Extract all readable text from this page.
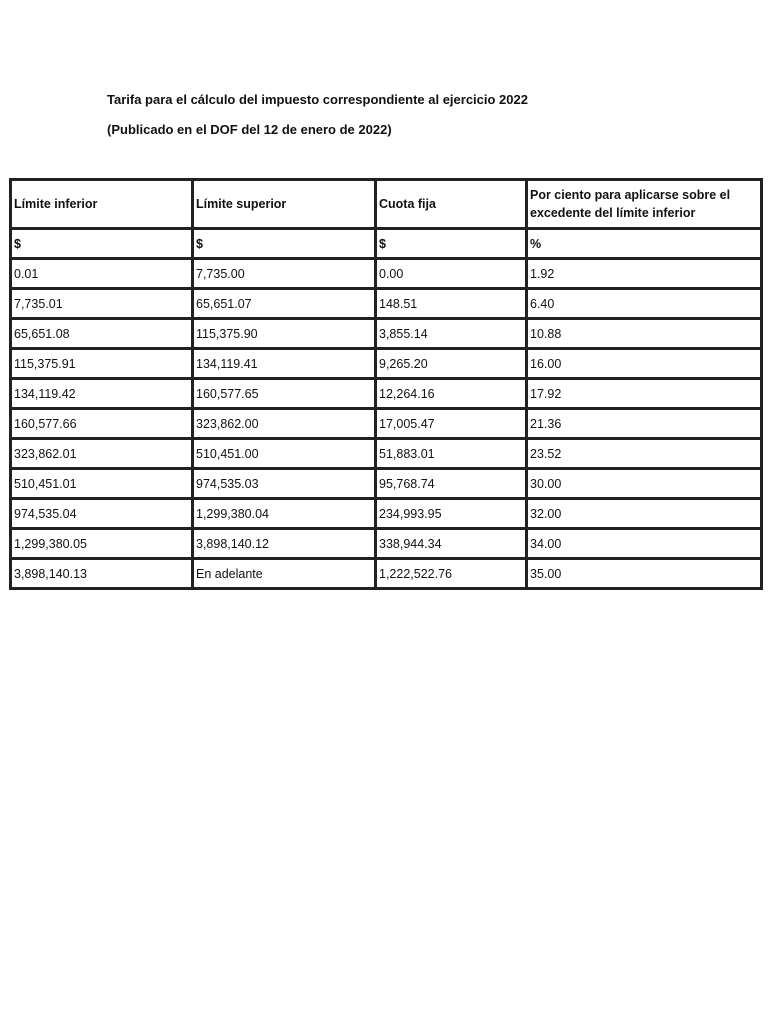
Tarifa para el cálculo del impuesto correspondiente al ejercicio 2022
(Publicado en el DOF del 12 de enero de 2022)
Límite inferior	Límite superior	Cuota fija	Por ciento para aplicarse sobre el excedente del límite inferior
$	$	$	%
0.01	7,735.00	0.00	1.92
7,735.01	65,651.07	148.51	6.40
65,651.08	115,375.90	3,855.14	10.88
115,375.91	134,119.41	9,265.20	16.00
134,119.42	160,577.65	12,264.16	17.92
160,577.66	323,862.00	17,005.47	21.36
323,862.01	510,451.00	51,883.01	23.52
510,451.01	974,535.03	95,768.74	30.00
974,535.04	1,299,380.04	234,993.95	32.00
1,299,380.05	3,898,140.12	338,944.34	34.00
3,898,140.13	En adelante	1,222,522.76	35.00
